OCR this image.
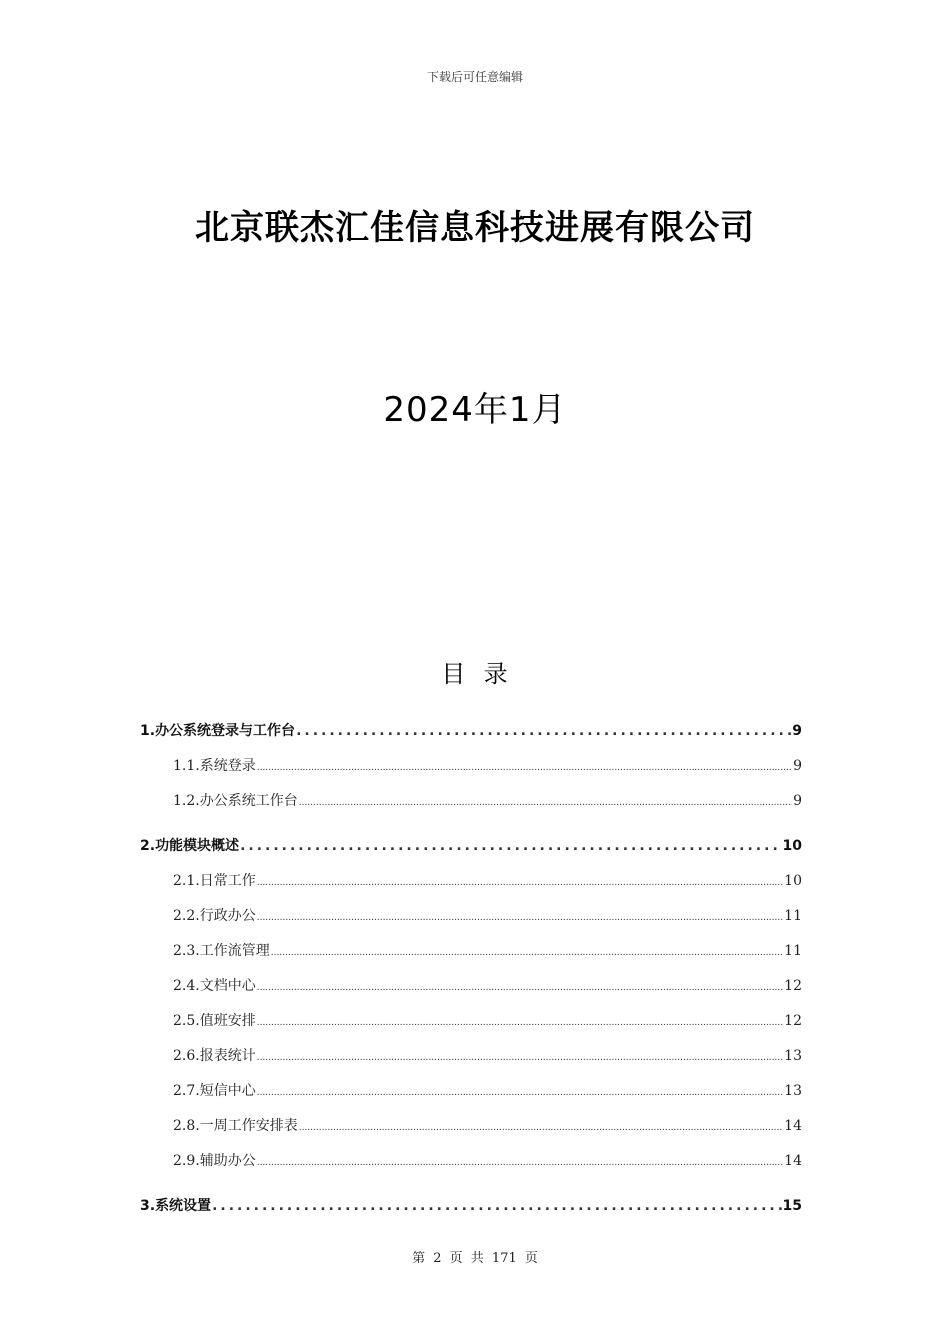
下载后可任意编辑
北京联杰汇佳信息科技进展有限公司
2024年1月
目  录
1. 办公系统登录与工作台 .....	9
1.1. 系统登录 .....	9
1.2. 办公系统工作台 .....	9
2. 功能模块概述 .....	10
2.1. 日常工作 .....	10
2.2. 行政办公 .....	11
2.3. 工作流管理 .....	11
2.4. 文档中心 .....	12
2.5. 值班安排 .....	12
2.6. 报表统计 .....	13
2.7. 短信中心 .....	13
2.8. 一周工作安排表 .....	14
2.9. 辅助办公 .....	14
3. 系统设置 .....	15
第 2 页 共 171 页
